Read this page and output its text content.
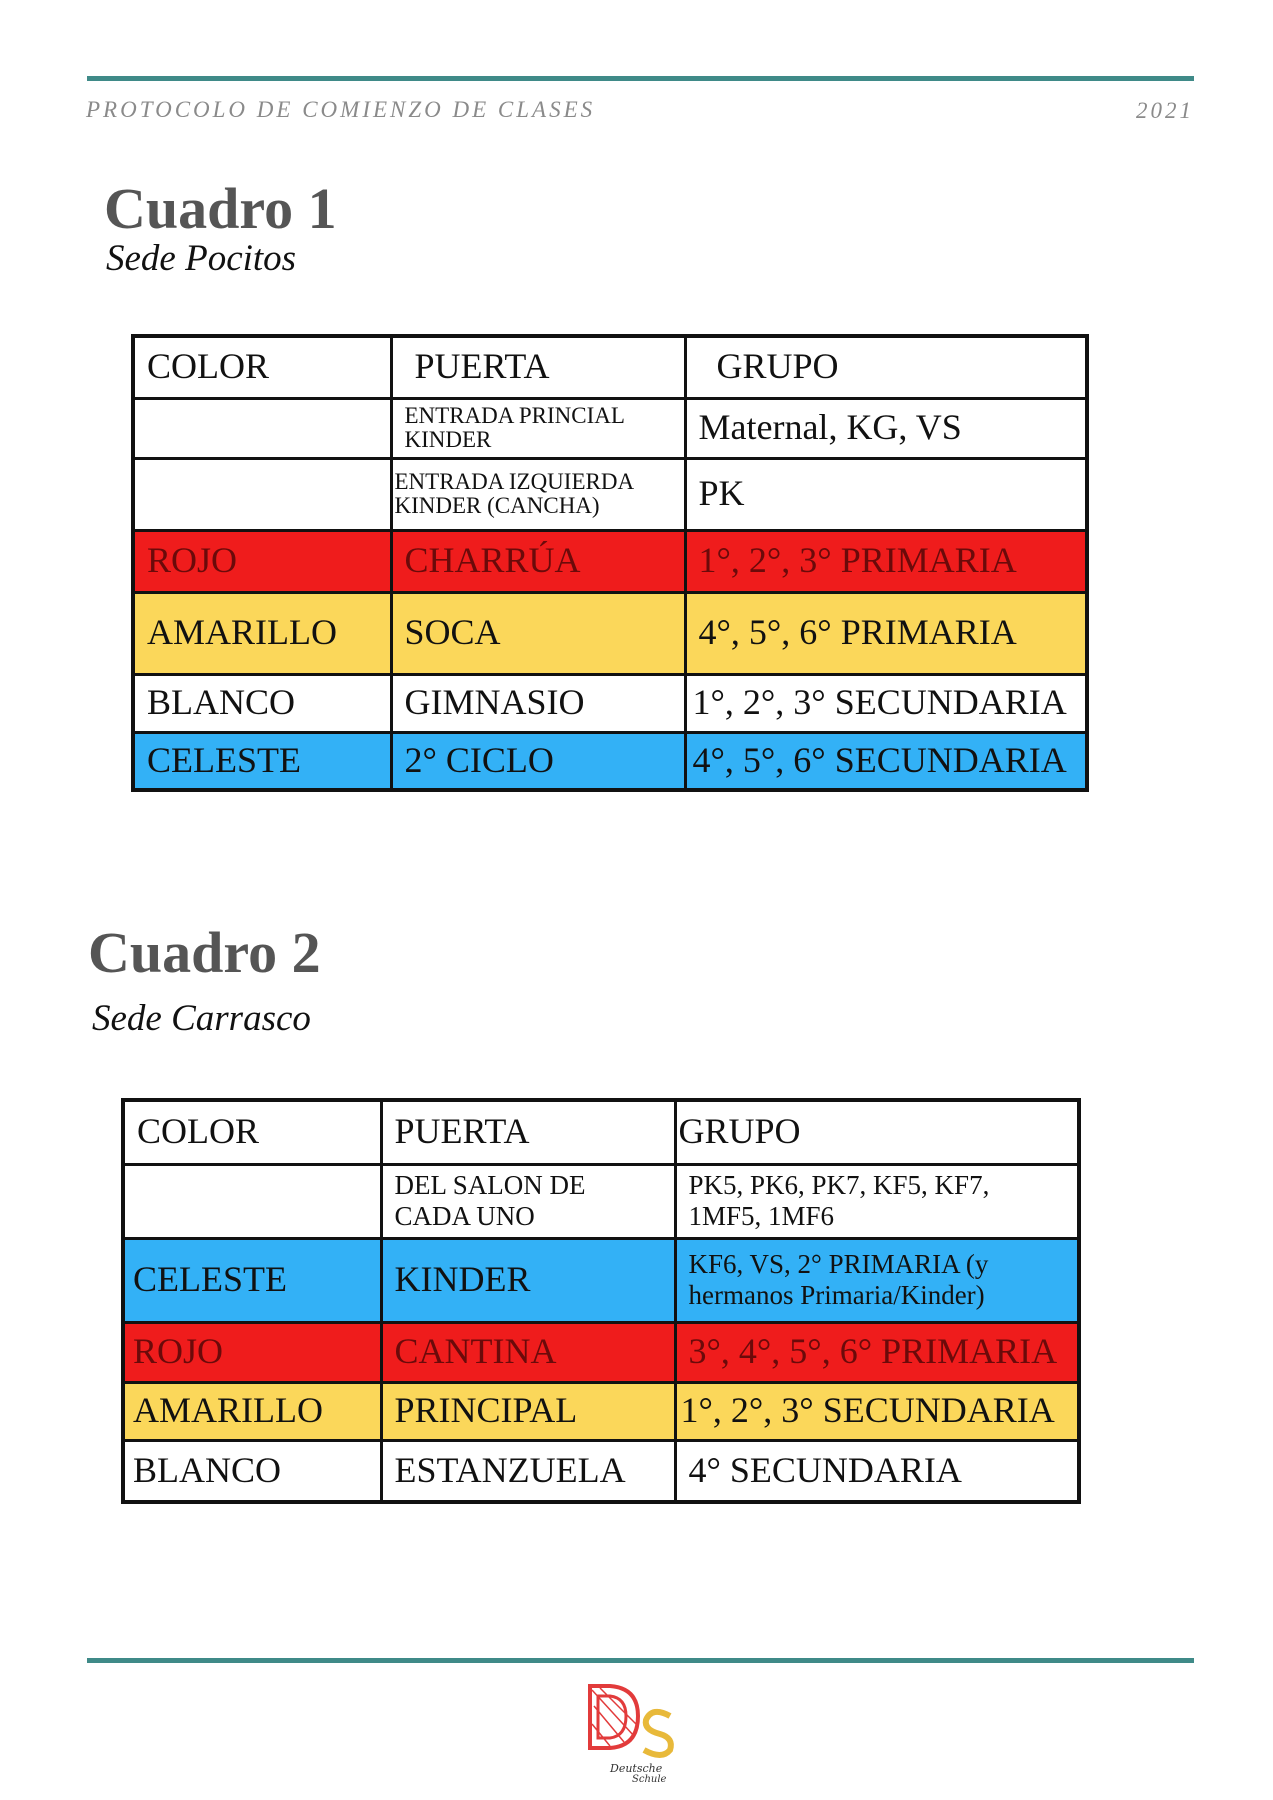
PROTOCOLO DE COMIENZO DE CLASES	2021
Cuadro 1
Sede Pocitos
COLOR	PUERTA	GRUPO
	ENTRADA PRINCIAL KINDER	Maternal, KG, VS
	ENTRADA IZQUIERDA KINDER (CANCHA)	PK
ROJO	CHARRÚA	1°, 2°, 3° PRIMARIA
AMARILLO	SOCA	4°, 5°, 6° PRIMARIA
BLANCO	GIMNASIO	1°, 2°, 3° SECUNDARIA
CELESTE	2° CICLO	4°, 5°, 6° SECUNDARIA
Cuadro 2
Sede Carrasco
COLOR	PUERTA	GRUPO
	DEL SALON DE CADA UNO	PK5, PK6, PK7, KF5, KF7, 1MF5, 1MF6
CELESTE	KINDER	KF6, VS, 2° PRIMARIA (y hermanos Primaria/Kinder)
ROJO	CANTINA	3°, 4°, 5°, 6° PRIMARIA
AMARILLO	PRINCIPAL	1°, 2°, 3° SECUNDARIA
BLANCO	ESTANZUELA	4° SECUNDARIA
Deutsche
Schule
